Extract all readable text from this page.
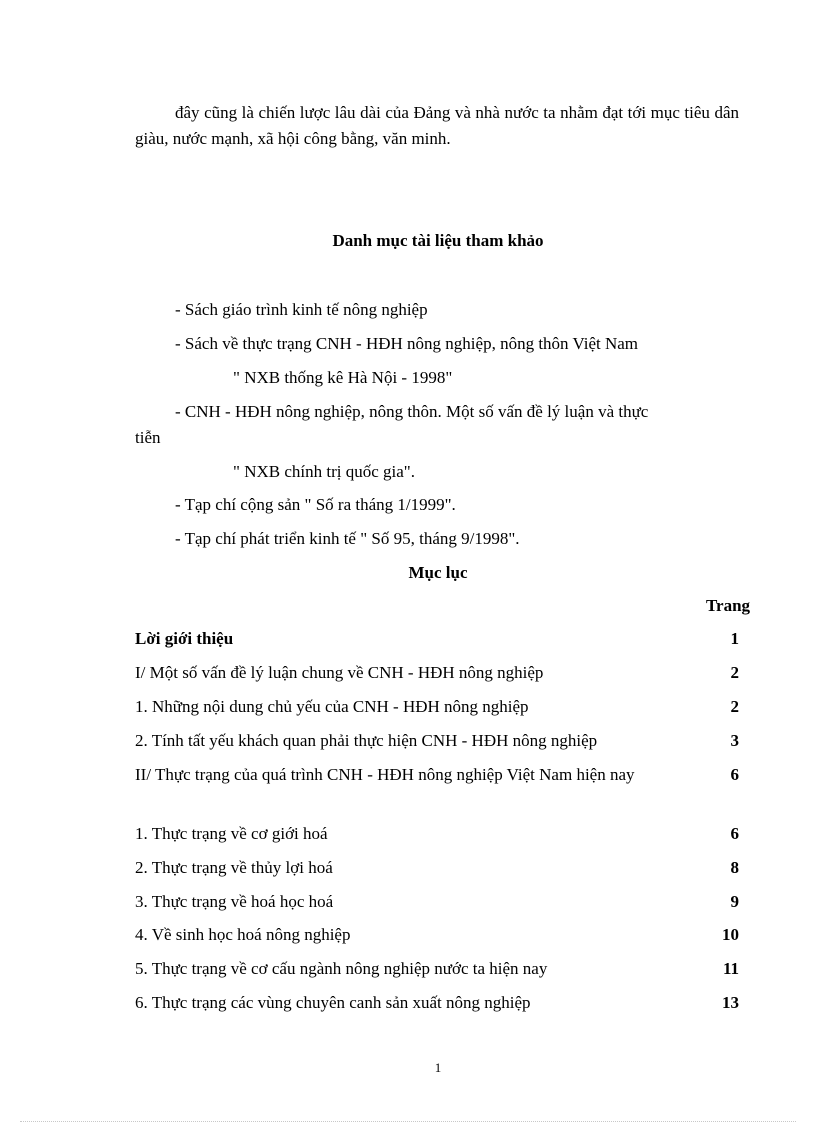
đây cũng là chiến lược lâu dài của Đảng và nhà nước ta nhằm đạt tới mục tiêu dân giàu, nước mạnh, xã hội công bằng, văn minh.

Danh mục tài liệu tham khảo

- Sách giáo trình kinh tế nông nghiệp

- Sách về thực trạng CNH - HĐH nông nghiệp, nông thôn Việt Nam

" NXB thống kê Hà Nội - 1998"

- CNH - HĐH nông nghiệp, nông thôn. Một số vấn đề lý luận và thực

tiễn

" NXB chính trị quốc gia".

- Tạp chí cộng sản " Số ra tháng 1/1999".

- Tạp chí phát triển kinh tế " Số 95, tháng 9/1998".

Mục lục
Trang
Lời giới thiệu	1
I/ Một số vấn đề lý luận chung về CNH - HĐH nông nghiệp	2
1. Những nội dung chủ yếu của CNH - HĐH nông nghiệp	2
2. Tính tất yếu khách quan phải thực hiện CNH - HĐH nông nghiệp	3
II/ Thực trạng của quá trình CNH - HĐH nông nghiệp Việt Nam hiện nay	6
1. Thực trạng về cơ giới hoá	6
2. Thực trạng về thủy lợi hoá	8
3. Thực trạng về hoá học hoá	9
4. Về sinh học hoá nông nghiệp	10
5. Thực trạng về cơ cấu ngành nông nghiệp nước ta hiện nay	11
6. Thực trạng các vùng chuyên canh sản xuất nông nghiệp	13
1
